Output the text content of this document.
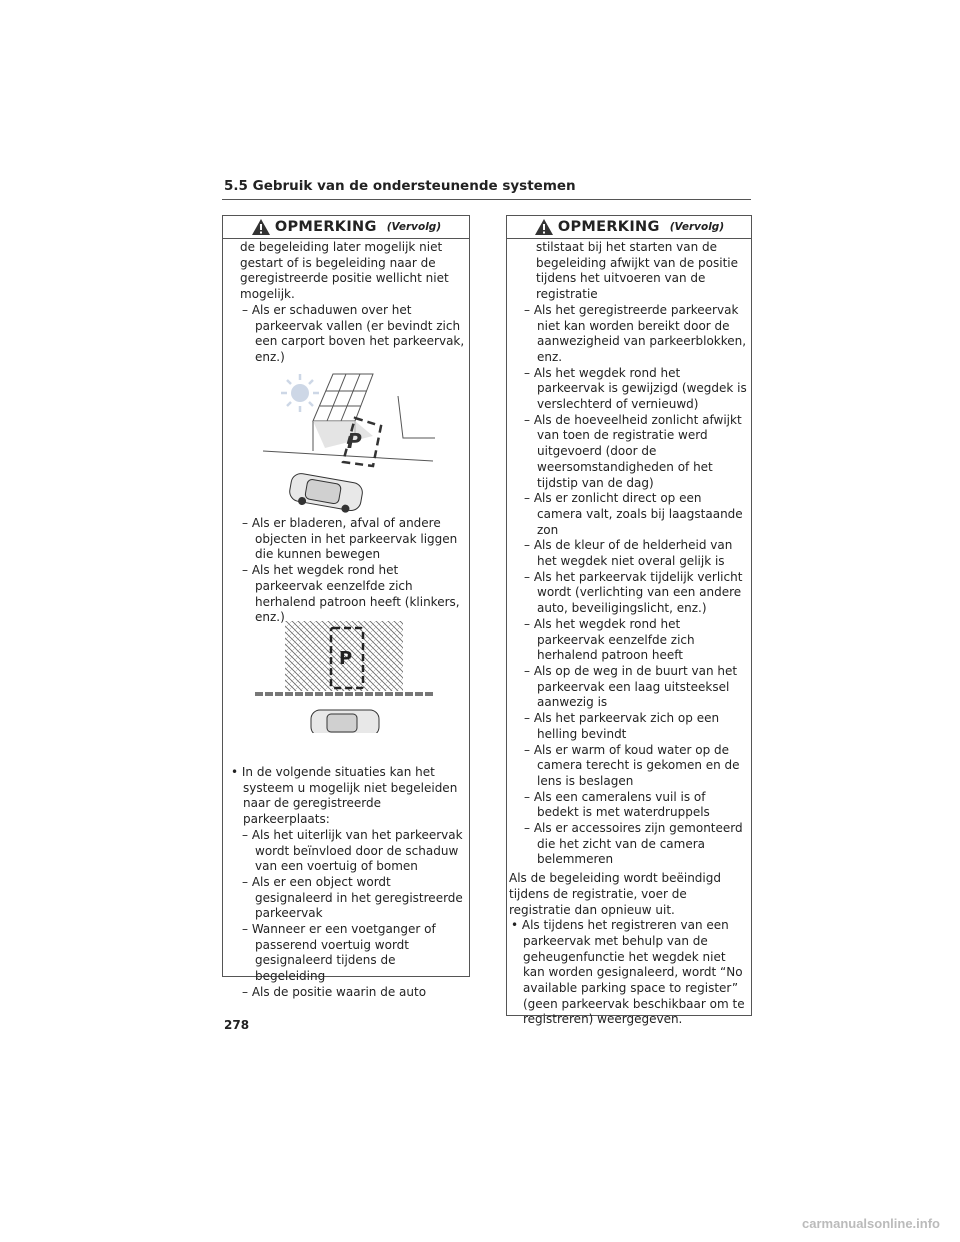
5.5 Gebruik van de ondersteunende systemen
OPMERKING (Vervolg)

de begeleiding later mogelijk niet gestart of is begeleiding naar de geregistreerde positie wellicht niet mogelijk.

– Als er schaduwen over het parkeervak vallen (er bevindt zich een carport boven het parkeervak, enz.)

P

– Als er bladeren, afval of andere objecten in het parkeervak liggen die kunnen bewegen

– Als het wegdek rond het parkeervak eenzelfde zich herhalend patroon heeft (klinkers, enz.)

P

• In de volgende situaties kan het systeem u mogelijk niet begeleiden naar de geregistreerde parkeerplaats:

– Als het uiterlijk van het parkeervak wordt beïnvloed door de schaduw van een voertuig of bomen

– Als er een object wordt gesignaleerd in het geregistreerde parkeervak

– Wanneer er een voetganger of passerend voertuig wordt gesignaleerd tijdens de begeleiding

– Als de positie waarin de auto

OPMERKING (Vervolg)

stilstaat bij het starten van de begeleiding afwijkt van de positie tijdens het uitvoeren van de registratie

– Als het geregistreerde parkeervak niet kan worden bereikt door de aanwezigheid van parkeerblokken, enz.

– Als het wegdek rond het parkeervak is gewijzigd (wegdek is verslechterd of vernieuwd)

– Als de hoeveelheid zonlicht afwijkt van toen de registratie werd uitgevoerd (door de weersomstandigheden of het tijdstip van de dag)

– Als er zonlicht direct op een camera valt, zoals bij laagstaande zon

– Als de kleur of de helderheid van het wegdek niet overal gelijk is

– Als het parkeervak tijdelijk verlicht wordt (verlichting van een andere auto, beveiligingslicht, enz.)

– Als het wegdek rond het parkeervak eenzelfde zich herhalend patroon heeft

– Als op de weg in de buurt van het parkeervak een laag uitsteeksel aanwezig is

– Als het parkeervak zich op een helling bevindt

– Als er warm of koud water op de camera terecht is gekomen en de lens is beslagen

– Als een cameralens vuil is of bedekt is met waterdruppels

– Als er accessoires zijn gemonteerd die het zicht van de camera belemmeren

Als de begeleiding wordt beëindigd tijdens de registratie, voer de registratie dan opnieuw uit.

• Als tijdens het registreren van een parkeervak met behulp van de geheugenfunctie het wegdek niet kan worden gesignaleerd, wordt “No available parking space to register” (geen parkeervak beschikbaar om te registreren) weergegeven.

278
carmanualsonline.info
